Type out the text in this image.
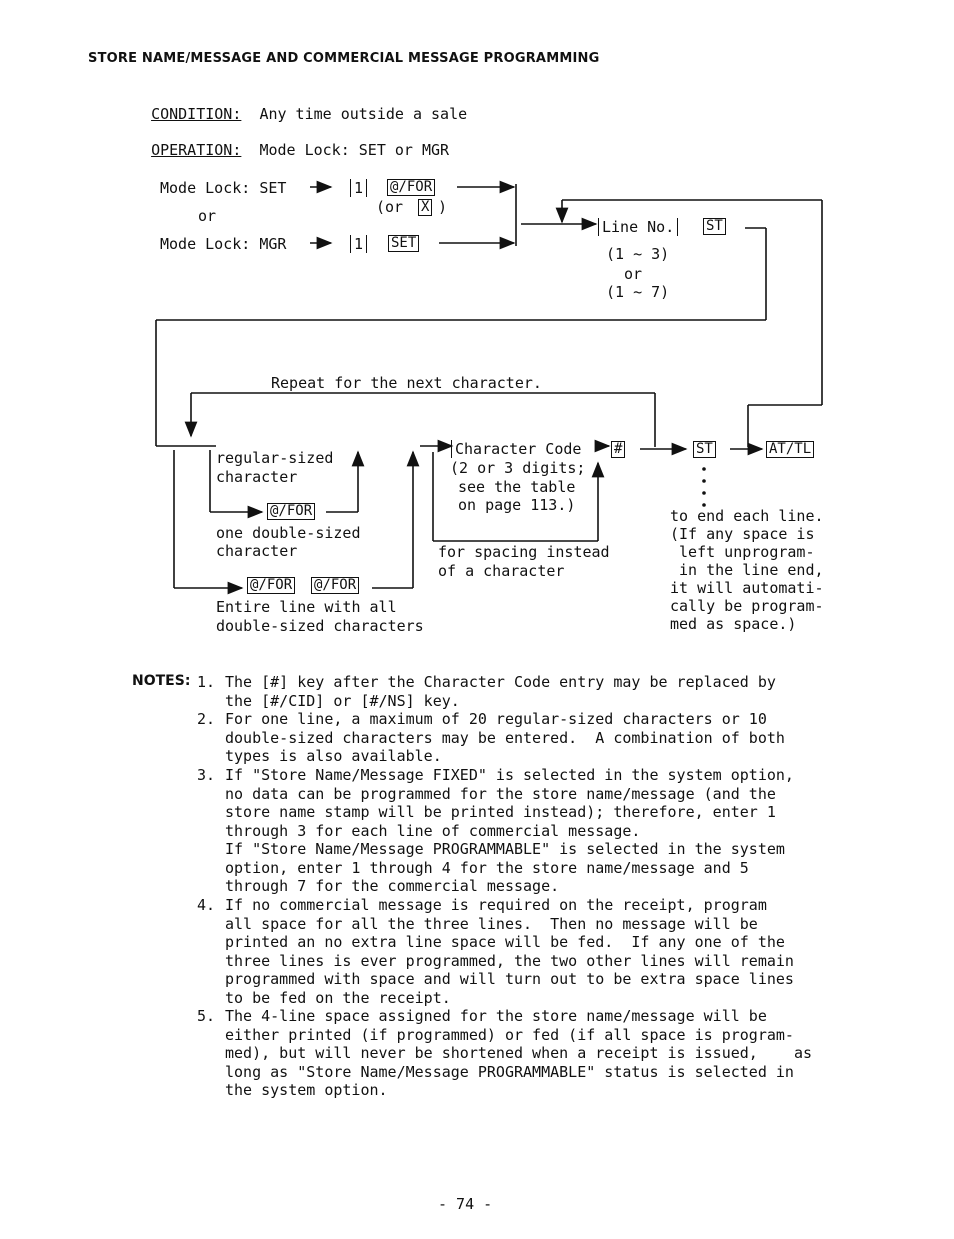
STORE NAME/MESSAGE AND COMMERCIAL MESSAGE PROGRAMMING

CONDITION: Any time outside a sale

OPERATION: Mode Lock: SET or MGR

Mode Lock: SET
or
Mode Lock: MGR
1 @/FOR
(or X )
1 SET
Line No. ST
(1 ~ 3)
or
(1 ~ 7)
Repeat for the next character.
regular-sized
character
@/FOR
one double-sized
character
@/FOR @/FOR
Entire line with all
double-sized characters
Character Code
(2 or 3 digits;
see the table
on page 113.)
#
for spacing instead
of a character
ST	AT/TL
to end each line.
(If any space is
left unprogram-
in the line end,
it will automati-
cally be program-
med as space.)
NOTES: 1. The [#] key after the Character Code entry may be replaced by
the [#/CID] or [#/NS] key.
2. For one line, a maximum of 20 regular-sized characters or 10
double-sized characters may be entered.  A combination of both
types is also available.
3. If "Store Name/Message FIXED" is selected in the system option,
no data can be programmed for the store name/message (and the
store name stamp will be printed instead); therefore, enter 1
through 3 for each line of commercial message.
If "Store Name/Message PROGRAMMABLE" is selected in the system
option, enter 1 through 4 for the store name/message and 5
through 7 for the commercial message.
4. If no commercial message is required on the receipt, program
all space for all the three lines.  Then no message will be
printed an no extra line space will be fed.  If any one of the
three lines is ever programmed, the two other lines will remain
programmed with space and will turn out to be extra space lines
to be fed on the receipt.
5. The 4-line space assigned for the store name/message will be
either printed (if programmed) or fed (if all space is program-
med), but will never be shortened when a receipt is issued,    as
long as "Store Name/Message PROGRAMMABLE" status is selected in
the system option.
- 74 -
